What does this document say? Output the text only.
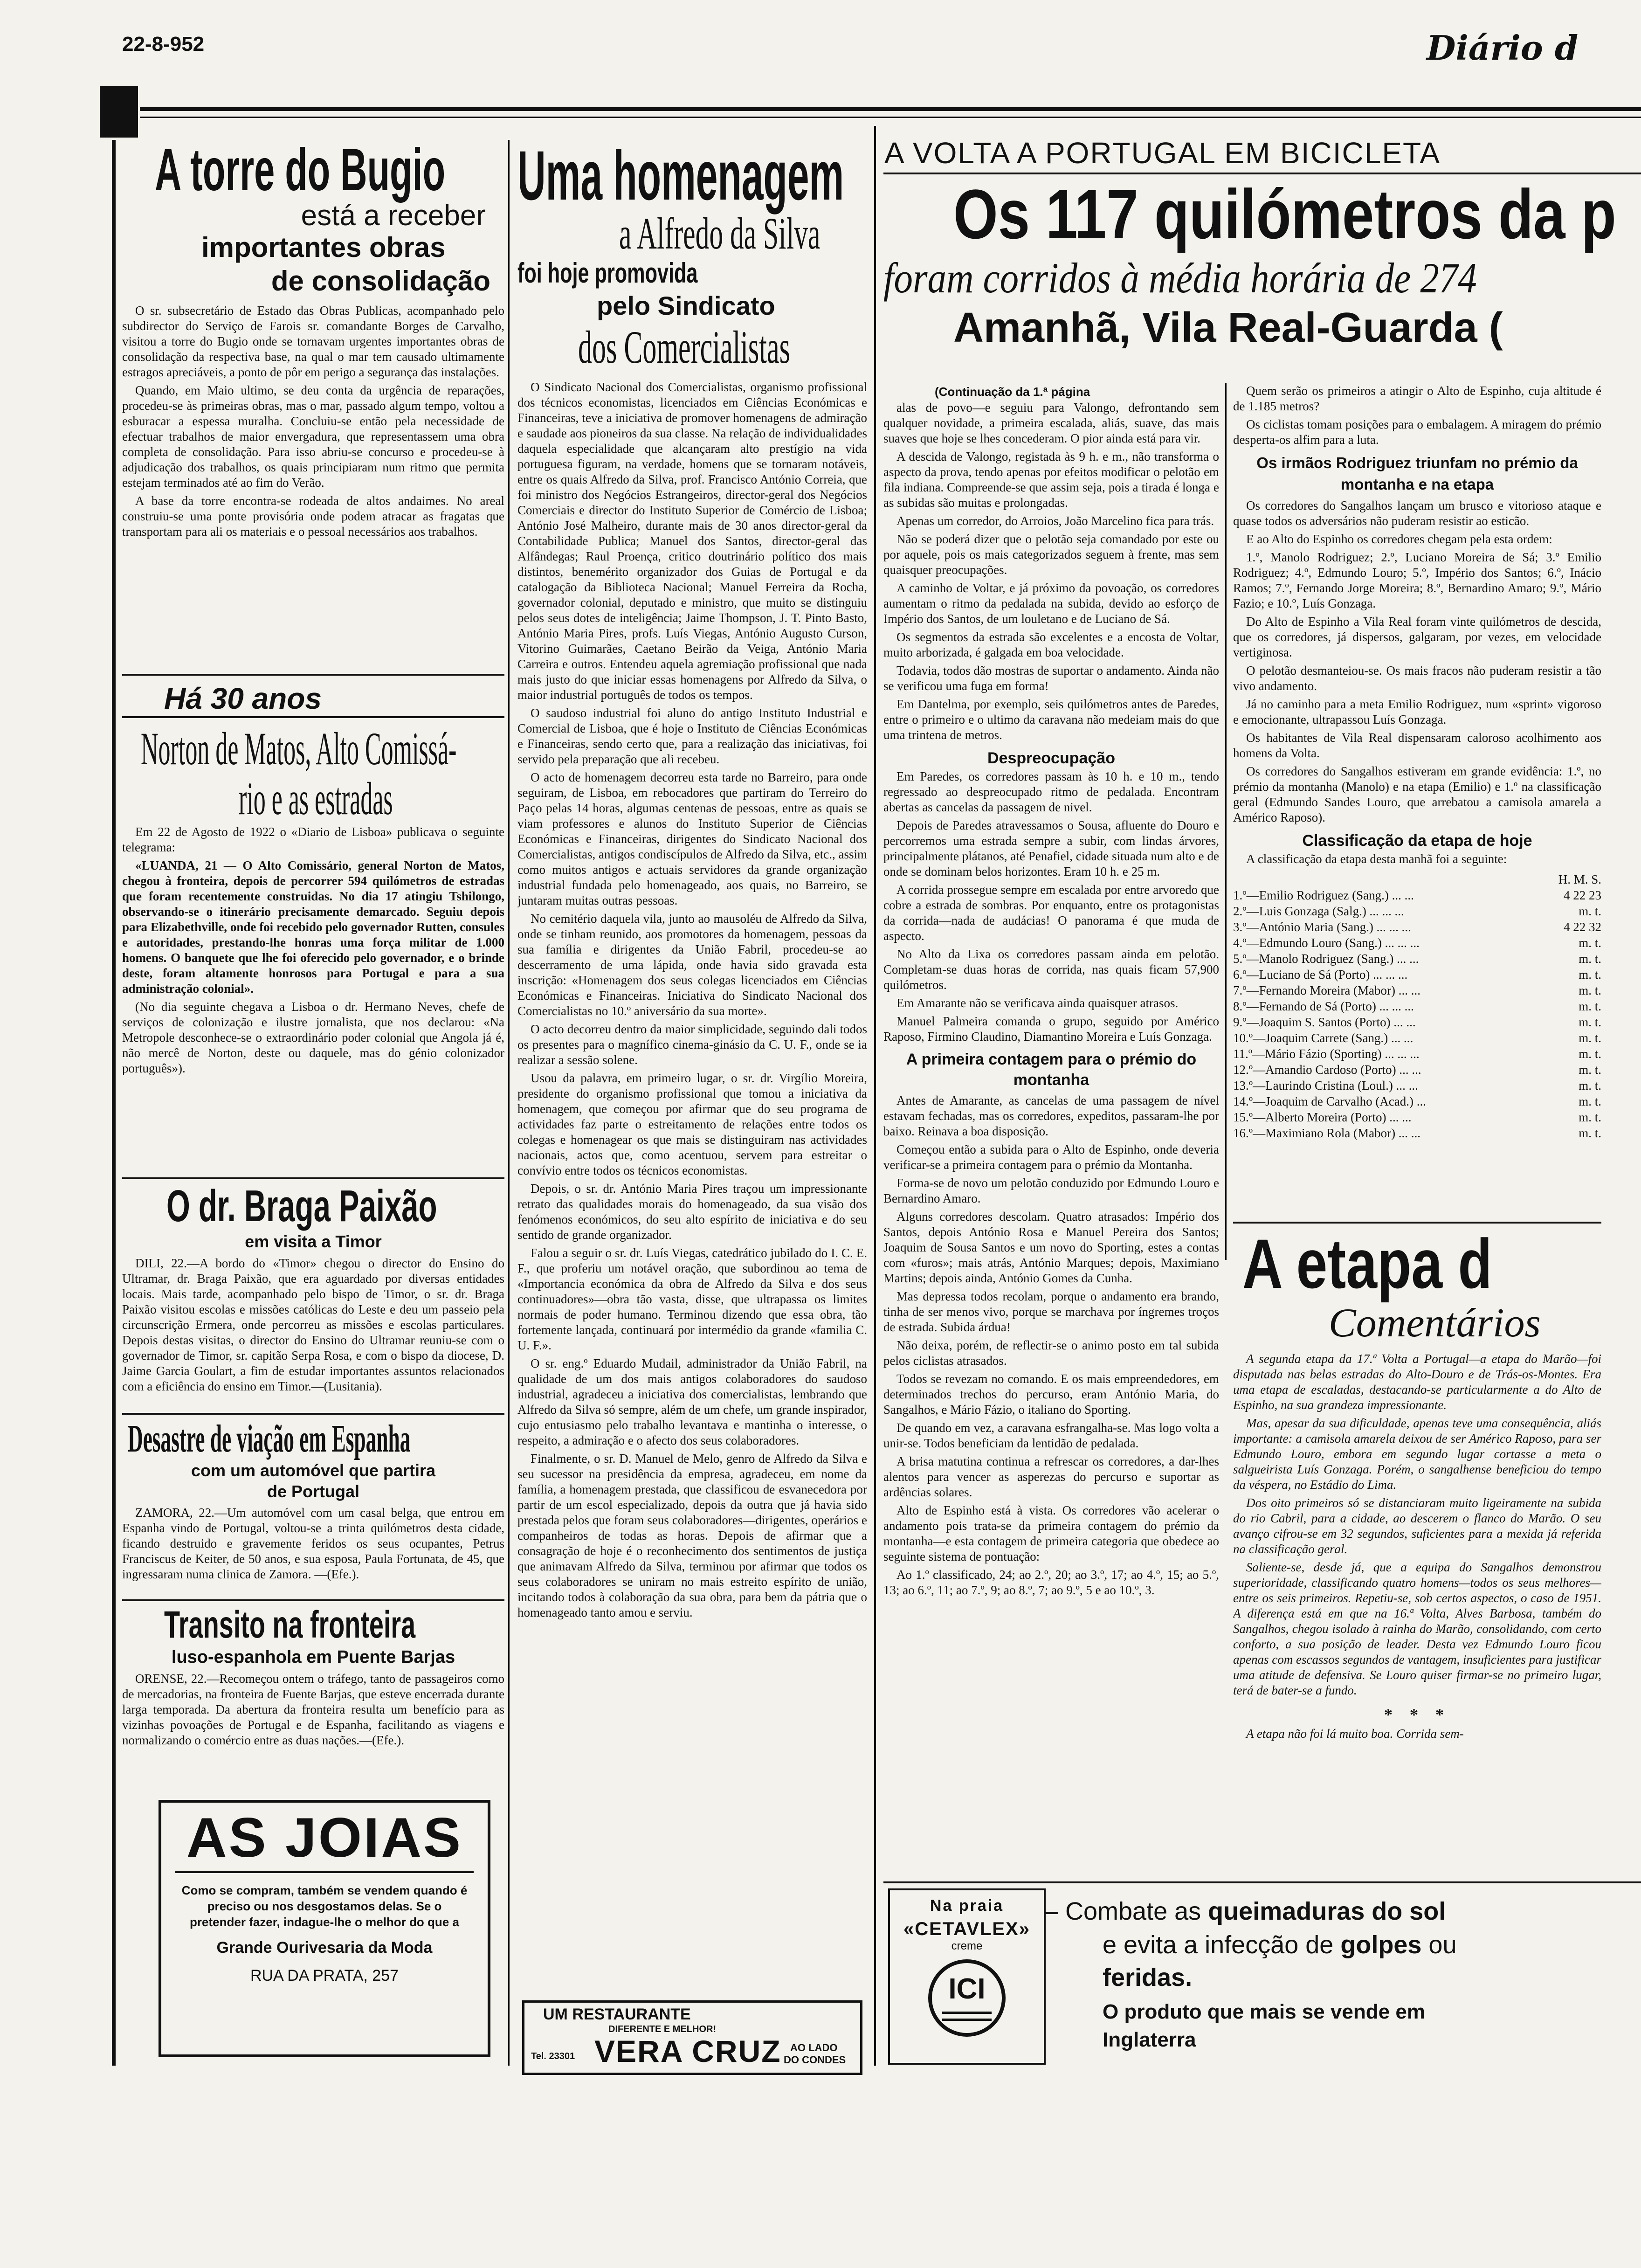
22-8-952	Diário d
A torre do Bugio
está a receber
importantes obras
de consolidação

O sr. subsecretário de Estado das Obras Publicas, acompanhado pelo subdirector do Serviço de Farois sr. comandante Borges de Carvalho, visitou a torre do Bugio onde se tornavam urgentes importantes obras de consolidação da respectiva base, na qual o mar tem causado ultimamente estragos apreciáveis, a ponto de pôr em perigo a segurança das instalações.

Quando, em Maio ultimo, se deu conta da urgência de reparações, procedeu-se às primeiras obras, mas o mar, passado algum tempo, voltou a esburacar a espessa muralha. Concluiu-se então pela necessidade de efectuar trabalhos de maior envergadura, que representassem uma obra completa de consolidação. Para isso abriu-se concurso e procedeu-se à adjudicação dos trabalhos, os quais principiaram num ritmo que permita estejam terminados até ao fim do Verão.

A base da torre encontra-se rodeada de altos andaimes. No areal construiu-se uma ponte provisória onde podem atracar as fragatas que transportam para ali os materiais e o pessoal necessários aos trabalhos.

Há 30 anos
Norton de Matos, Alto Comissá-
rio e as estradas

Em 22 de Agosto de 1922 o «Diario de Lisboa» publicava o seguinte telegrama:

«LUANDA, 21 — O Alto Comissário, general Norton de Matos, chegou à fronteira, depois de percorrer 594 quilómetros de estradas que foram recentemente construidas. No dia 17 atingiu Tshilongo, observando-se o itinerário precisamente demarcado. Seguiu depois para Elizabethville, onde foi recebido pelo governador Rutten, consules e autoridades, prestando-lhe honras uma força militar de 1.000 homens. O banquete que lhe foi oferecido pelo governador, e o brinde deste, foram altamente honrosos para Portugal e para a sua administração colonial».

(No dia seguinte chegava a Lisboa o dr. Hermano Neves, chefe de serviços de colonização e ilustre jornalista, que nos declarou: «Na Metropole desconhece-se o extraordinário poder colonial que Angola já é, não mercê de Norton, deste ou daquele, mas do génio colonizador português»).

O dr. Braga Paixão
em visita a Timor

DILI, 22.—A bordo do «Timor» chegou o director do Ensino do Ultramar, dr. Braga Paixão, que era aguardado por diversas entidades locais. Mais tarde, acompanhado pelo bispo de Timor, o sr. dr. Braga Paixão visitou escolas e missões católicas do Leste e deu um passeio pela circunscrição Ermera, onde percorreu as missões e escolas particulares. Depois destas visitas, o director do Ensino do Ultramar reuniu-se com o governador de Timor, sr. capitão Serpa Rosa, e com o bispo da diocese, D. Jaime Garcia Goulart, a fim de estudar importantes assuntos relacionados com a eficiência do ensino em Timor.—(Lusitania).

Desastre de viação em Espanha
com um automóvel que partira
de Portugal

ZAMORA, 22.—Um automóvel com um casal belga, que entrou em Espanha vindo de Portugal, voltou-se a trinta quilómetros desta cidade, ficando destruido e gravemente feridos os seus ocupantes, Petrus Franciscus de Keiter, de 50 anos, e sua esposa, Paula Fortunata, de 45, que ingressaram numa clinica de Zamora. —(Efe.).

Transito na fronteira
luso-espanhola em Puente Barjas

ORENSE, 22.—Recomeçou ontem o tráfego, tanto de passageiros como de mercadorias, na fronteira de Fuente Barjas, que esteve encerrada durante larga temporada. Da abertura da fronteira resulta um benefício para as vizinhas povoações de Portugal e de Espanha, facilitando as viagens e normalizando o comércio entre as duas nações.—(Efe.).

AS JOIAS
Como se compram, também se vendem quando é preciso ou nos desgostamos delas. Se o pretender fazer, indague-lhe o melhor do que a
Grande Ourivesaria da Moda
RUA DA PRATA, 257
Uma homenagem
a Alfredo da Silva
foi hoje promovida
pelo Sindicato
dos Comercialistas

O Sindicato Nacional dos Comercialistas, organismo profissional dos técnicos economistas, licenciados em Ciências Económicas e Financeiras, teve a iniciativa de promover homenagens de admiração e saudade aos pioneiros da sua classe. Na relação de individualidades daquela especialidade que alcançaram alto prestígio na vida portuguesa figuram, na verdade, homens que se tornaram notáveis, entre os quais Alfredo da Silva, prof. Francisco António Correia, que foi ministro dos Negócios Estrangeiros, director-geral dos Negócios Comerciais e director do Instituto Superior de Comércio de Lisboa; António José Malheiro, durante mais de 30 anos director-geral da Contabilidade Publica; Manuel dos Santos, director-geral das Alfândegas; Raul Proença, critico doutrinário político dos mais distintos, benemérito organizador dos Guias de Portugal e da catalogação da Biblioteca Nacional; Manuel Ferreira da Rocha, governador colonial, deputado e ministro, que muito se distinguiu pelos seus dotes de inteligência; Jaime Thompson, J. T. Pinto Basto, António Maria Pires, profs. Luís Viegas, António Augusto Curson, Vitorino Guimarães, Caetano Beirão da Veiga, António Maria Carreira e outros. Entendeu aquela agremiação profissional que nada mais justo do que iniciar essas homenagens por Alfredo da Silva, o maior industrial português de todos os tempos.

O saudoso industrial foi aluno do antigo Instituto Industrial e Comercial de Lisboa, que é hoje o Instituto de Ciências Económicas e Financeiras, sendo certo que, para a realização das iniciativas, foi servido pela preparação que ali recebeu.

O acto de homenagem decorreu esta tarde no Barreiro, para onde seguiram, de Lisboa, em rebocadores que partiram do Terreiro do Paço pelas 14 horas, algumas centenas de pessoas, entre as quais se viam professores e alunos do Instituto Superior de Ciências Económicas e Financeiras, dirigentes do Sindicato Nacional dos Comercialistas, antigos condiscípulos de Alfredo da Silva, etc., assim como muitos antigos e actuais servidores da grande organização industrial fundada pelo homenageado, aos quais, no Barreiro, se juntaram muitas outras pessoas.

No cemitério daquela vila, junto ao mausoléu de Alfredo da Silva, onde se tinham reunido, aos promotores da homenagem, pessoas da sua família e dirigentes da União Fabril, procedeu-se ao descerramento de uma lápida, onde havia sido gravada esta inscrição: «Homenagem dos seus colegas licenciados em Ciências Económicas e Financeiras. Iniciativa do Sindicato Nacional dos Comercialistas no 10.º aniversário da sua morte».

O acto decorreu dentro da maior simplicidade, seguindo dali todos os presentes para o magnífico cinema-ginásio da C. U. F., onde se ia realizar a sessão solene.

Usou da palavra, em primeiro lugar, o sr. dr. Virgílio Moreira, presidente do organismo profissional que tomou a iniciativa da homenagem, que começou por afirmar que do seu programa de actividades faz parte o estreitamento de relações entre todos os colegas e homenagear os que mais se distinguiram nas actividades nacionais, actos que, como acentuou, servem para estreitar o convívio entre todos os técnicos economistas.

Depois, o sr. dr. António Maria Pires traçou um impressionante retrato das qualidades morais do homenageado, da sua visão dos fenómenos económicos, do seu alto espírito de iniciativa e do seu sentido de grande organizador.

Falou a seguir o sr. dr. Luís Viegas, catedrático jubilado do I. C. E. F., que proferiu um notável oração, que subordinou ao tema de «Importancia económica da obra de Alfredo da Silva e dos seus continuadores»—obra tão vasta, disse, que ultrapassa os limites normais de poder humano. Terminou dizendo que essa obra, tão fortemente lançada, continuará por intermédio da grande «familia C. U. F.».

O sr. eng.º Eduardo Mudail, administrador da União Fabril, na qualidade de um dos mais antigos colaboradores do saudoso industrial, agradeceu a iniciativa dos comercialistas, lembrando que Alfredo da Silva só sempre, além de um chefe, um grande inspirador, cujo entusiasmo pelo trabalho levantava e mantinha o interesse, o respeito, a admiração e o afecto dos seus colaboradores.

Finalmente, o sr. D. Manuel de Melo, genro de Alfredo da Silva e seu sucessor na presidência da empresa, agradeceu, em nome da família, a homenagem prestada, que classificou de esvanecedora por partir de um escol especializado, depois da outra que já havia sido prestada pelos que foram seus colaboradores—dirigentes, operários e companheiros de todas as horas. Depois de afirmar que a consagração de hoje é o reconhecimento dos sentimentos de justiça que animavam Alfredo da Silva, terminou por afirmar que todos os seus colaboradores se uniram no mais estreito espírito de união, incitando todos à colaboração da sua obra, para bem da pátria que o homenageado tanto amou e serviu.

UM RESTAURANTE
DIFERENTE E MELHOR!
Tel. 23301 VERA CRUZ AO LADO
DO CONDES
A VOLTA A PORTUGAL EM BICICLETA
Os 117 quilómetros da p
foram corridos à média horária de 274
Amanhã, Vila Real-Guarda (
(Continuação da 1.ª página

alas de povo—e seguiu para Valongo, defrontando sem qualquer novidade, a primeira escalada, aliás, suave, das mais suaves que hoje se lhes concederam. O pior ainda está para vir.

A descida de Valongo, registada às 9 h. e m., não transforma o aspecto da prova, tendo apenas por efeitos modificar o pelotão em fila indiana. Compreende-se que assim seja, pois a tirada é longa e as subidas são muitas e prolongadas.

Apenas um corredor, do Arroios, João Marcelino fica para trás.

Não se poderá dizer que o pelotão seja comandado por este ou por aquele, pois os mais categorizados seguem à frente, mas sem quaisquer preocupações.

A caminho de Voltar, e já próximo da povoação, os corredores aumentam o ritmo da pedalada na subida, devido ao esforço de Império dos Santos, de um louletano e de Luciano de Sá.

Os segmentos da estrada são excelentes e a encosta de Voltar, muito arborizada, é galgada em boa velocidade.

Todavia, todos dão mostras de suportar o andamento. Ainda não se verificou uma fuga em forma!

Em Dantelma, por exemplo, seis quilómetros antes de Paredes, entre o primeiro e o ultimo da caravana não medeiam mais do que uma trintena de metros.

Despreocupação

Em Paredes, os corredores passam às 10 h. e 10 m., tendo regressado ao despreocupado ritmo de pedalada. Encontram abertas as cancelas da passagem de nivel.

Depois de Paredes atravessamos o Sousa, afluente do Douro e percorremos uma estrada sempre a subir, com lindas árvores, principalmente plátanos, até Penafiel, cidade situada num alto e de onde se dominam belos horizontes. Eram 10 h. e 25 m.

A corrida prossegue sempre em escalada por entre arvoredo que cobre a estrada de sombras. Por enquanto, entre os protagonistas da corrida—nada de audácias! O panorama é que muda de aspecto.

No Alto da Lixa os corredores passam ainda em pelotão. Completam-se duas horas de corrida, nas quais ficam 57,900 quilómetros.

Em Amarante não se verificava ainda quaisquer atrasos.

Manuel Palmeira comanda o grupo, seguido por Américo Raposo, Firmino Claudino, Diamantino Moreira e Luís Gonzaga.

A primeira contagem para o prémio do montanha

Antes de Amarante, as cancelas de uma passagem de nível estavam fechadas, mas os corredores, expeditos, passaram-lhe por baixo. Reinava a boa disposição.

Começou então a subida para o Alto de Espinho, onde deveria verificar-se a primeira contagem para o prémio da Montanha.

Forma-se de novo um pelotão conduzido por Edmundo Louro e Bernardino Amaro.

Alguns corredores descolam. Quatro atrasados: Império dos Santos, depois António Rosa e Manuel Pereira dos Santos; Joaquim de Sousa Santos e um novo do Sporting, estes a contas com «furos»; mais atrás, António Marques; depois, Maximiano Martins; depois ainda, António Gomes da Cunha.

Mas depressa todos recolam, porque o andamento era brando, tinha de ser menos vivo, porque se marchava por íngremes troços de estrada. Subida árdua!

Não deixa, porém, de reflectir-se o animo posto em tal subida pelos ciclistas atrasados.

Todos se revezam no comando. E os mais empreendedores, em determinados trechos do percurso, eram António Maria, do Sangalhos, e Mário Fázio, o italiano do Sporting.

De quando em vez, a caravana esfrangalha-se. Mas logo volta a unir-se. Todos beneficiam da lentidão de pedalada.

A brisa matutina continua a refrescar os corredores, a dar-lhes alentos para vencer as asperezas do percurso e suportar as ardências solares.

Alto de Espinho está à vista. Os corredores vão acelerar o andamento pois trata-se da primeira contagem do prémio da montanha—e esta contagem de primeira categoria que obedece ao seguinte sistema de pontuação:

Ao 1.º classificado, 24; ao 2.º, 20; ao 3.º, 17; ao 4.º, 15; ao 5.º, 13; ao 6.º, 11; ao 7.º, 9; ao 8.º, 7; ao 9.º, 5 e ao 10.º, 3.

Quem serão os primeiros a atingir o Alto de Espinho, cuja altitude é de 1.185 metros?

Os ciclistas tomam posições para o embalagem. A miragem do prémio desperta-os alfim para a luta.

Os irmãos Rodriguez triunfam no prémio da montanha e na etapa

Os corredores do Sangalhos lançam um brusco e vitorioso ataque e quase todos os adversários não puderam resistir ao esticão.

E ao Alto do Espinho os corredores chegam pela esta ordem:

1.º, Manolo Rodriguez; 2.º, Luciano Moreira de Sá; 3.º Emilio Rodriguez; 4.º, Edmundo Louro; 5.º, Império dos Santos; 6.º, Inácio Ramos; 7.º, Fernando Jorge Moreira; 8.º, Bernardino Amaro; 9.º, Mário Fazio; e 10.º, Luís Gonzaga.

Do Alto de Espinho a Vila Real foram vinte quilómetros de descida, que os corredores, já dispersos, galgaram, por vezes, em velocidade vertiginosa.

O pelotão desmanteiou-se. Os mais fracos não puderam resistir a tão vivo andamento.

Já no caminho para a meta Emilio Rodriguez, num «sprint» vigoroso e emocionante, ultrapassou Luís Gonzaga.

Os habitantes de Vila Real dispensaram caloroso acolhimento aos homens da Volta.

Os corredores do Sangalhos estiveram em grande evidência: 1.º, no prémio da montanha (Manolo) e na etapa (Emilio) e 1.º na classificação geral (Edmundo Sandes Louro, que arrebatou a camisola amarela a Américo Raposo).

Classificação da etapa de hoje

A classificação da etapa desta manhã foi a seguinte:

	H. M. S.
1.º—Emilio Rodriguez (Sang.) ... ...	4 22 23
2.º—Luis Gonzaga (Salg.) ... ... ...	m. t.
3.º—António Maria (Sang.) ... ... ...	4 22 32
4.º—Edmundo Louro (Sang.) ... ... ...	m. t.
5.º—Manolo Rodriguez (Sang.) ... ...	m. t.
6.º—Luciano de Sá (Porto) ... ... ...	m. t.
7.º—Fernando Moreira (Mabor) ... ...	m. t.
8.º—Fernando de Sá (Porto) ... ... ...	m. t.
9.º—Joaquim S. Santos (Porto) ... ...	m. t.
10.º—Joaquim Carrete (Sang.) ... ...	m. t.
11.º—Mário Fázio (Sporting) ... ... ...	m. t.
12.º—Amandio Cardoso (Porto) ... ...	m. t.
13.º—Laurindo Cristina (Loul.) ... ...	m. t.
14.º—Joaquim de Carvalho (Acad.) ...	m. t.
15.º—Alberto Moreira (Porto) ... ...	m. t.
16.º—Maximiano Rola (Mabor) ... ...	m. t.
A etapa d
Comentários

A segunda etapa da 17.ª Volta a Portugal—a etapa do Marão—foi disputada nas belas estradas do Alto-Douro e de Trás-os-Montes. Era uma etapa de escaladas, destacando-se particularmente a do Alto de Espinho, na sua grandeza impressionante.

Mas, apesar da sua dificuldade, apenas teve uma consequência, aliás importante: a camisola amarela deixou de ser Américo Raposo, para ser Edmundo Louro, embora em segundo lugar cortasse a meta o salgueirista Luís Gonzaga. Porém, o sangalhense beneficiou do tempo da véspera, no Estádio do Lima.

Dos oito primeiros só se distanciaram muito ligeiramente na subida do rio Cabril, para a cidade, ao descerem o flanco do Marão. O seu avanço cifrou-se em 32 segundos, suficientes para a mexida já referida na classificação geral.

Saliente-se, desde já, que a equipa do Sangalhos demonstrou superioridade, classificando quatro homens—todos os seus melhores—entre os seis primeiros. Repetiu-se, sob certos aspectos, o caso de 1951. A diferença está em que na 16.ª Volta, Alves Barbosa, também do Sangalhos, chegou isolado à rainha do Marão, consolidando, com certo conforto, a sua posição de leader. Desta vez Edmundo Louro ficou apenas com escassos segundos de vantagem, insuficientes para justificar uma atitude de defensiva. Se Louro quiser firmar-se no primeiro lugar, terá de bater-se a fundo.

* * *

A etapa não foi lá muito boa. Corrida sem-

Na praia
«CETAVLEX»
creme
ICI
Combate as queimaduras do sol
e evita a infecção de golpes ou
feridas.
O produto que mais se vende em
Inglaterra
